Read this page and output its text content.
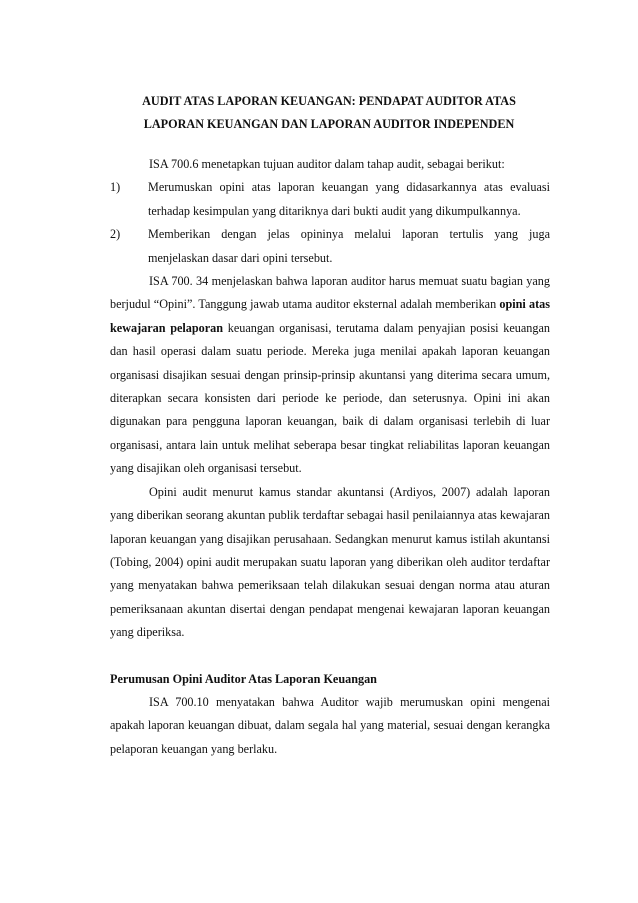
AUDIT ATAS LAPORAN KEUANGAN: PENDAPAT AUDITOR ATAS
LAPORAN KEUANGAN DAN LAPORAN AUDITOR INDEPENDEN

ISA 700.6 menetapkan tujuan auditor dalam tahap audit, sebagai berikut:

1)	Merumuskan opini atas laporan keuangan yang didasarkannya atas evaluasi terhadap kesimpulan yang ditariknya dari bukti audit yang dikumpulkannya.
2)	Memberikan dengan jelas opininya melalui laporan tertulis yang juga menjelaskan dasar dari opini tersebut.

ISA 700. 34 menjelaskan bahwa laporan auditor harus memuat suatu bagian yang berjudul “Opini”. Tanggung jawab utama auditor eksternal adalah memberikan opini atas kewajaran pelaporan keuangan organisasi, terutama dalam penyajian posisi keuangan dan hasil operasi dalam suatu periode. Mereka juga menilai apakah laporan keuangan organisasi disajikan sesuai dengan prinsip-prinsip akuntansi yang diterima secara umum, diterapkan secara konsisten dari periode ke periode, dan seterusnya. Opini ini akan digunakan para pengguna laporan keuangan, baik di dalam organisasi terlebih di luar organisasi, antara lain untuk melihat seberapa besar tingkat reliabilitas laporan keuangan yang disajikan oleh organisasi tersebut.

Opini audit menurut kamus standar akuntansi (Ardiyos, 2007) adalah laporan yang diberikan seorang akuntan publik terdaftar sebagai hasil penilaiannya atas kewajaran laporan keuangan yang disajikan perusahaan. Sedangkan menurut kamus istilah akuntansi (Tobing, 2004) opini audit merupakan suatu laporan yang diberikan oleh auditor terdaftar yang menyatakan bahwa pemeriksaan telah dilakukan sesuai dengan norma atau aturan pemeriksanaan akuntan disertai dengan pendapat mengenai kewajaran laporan keuangan yang diperiksa.

Perumusan Opini Auditor Atas Laporan Keuangan

ISA 700.10 menyatakan bahwa Auditor wajib merumuskan opini mengenai apakah laporan keuangan dibuat, dalam segala hal yang material, sesuai dengan kerangka pelaporan keuangan yang berlaku.
